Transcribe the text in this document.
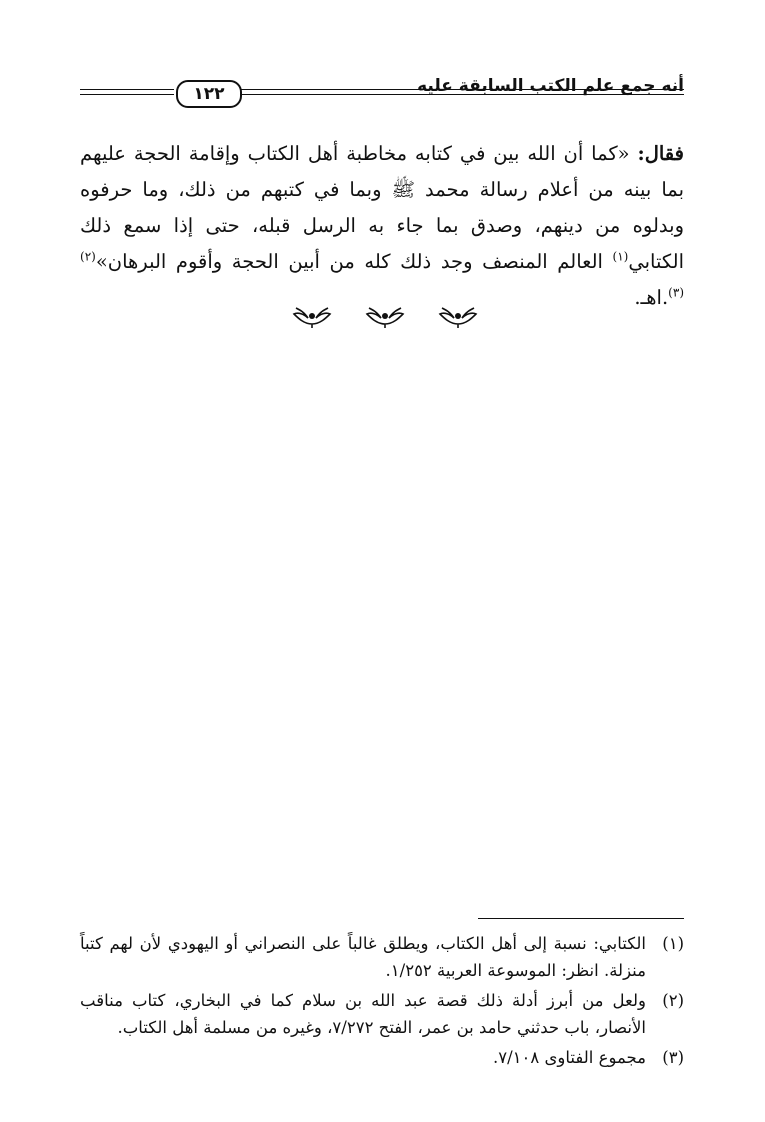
أنه جمع علم الكتب السابقة عليه
١٢٢
فقال: «كما أن الله بين في كتابه مخاطبة أهل الكتاب وإقامة الحجة عليهم بما بينه من أعلام رسالة محمد ﷺ وبما في كتبهم من ذلك، وما حرفوه وبدلوه من دينهم، وصدق بما جاء به الرسل قبله، حتى إذا سمع ذلك الكتابي$^{(١)}$ العالم المنصف وجد ذلك كله من أبين الحجة وأقوم البرهان»$^{(٢)(٣)}$.اهـ.
(١)
الكتابي: نسبة إلى أهل الكتاب، ويطلق غالباً على النصراني أو اليهودي لأن لهم كتباً منزلة. انظر: الموسوعة العربية ١/٢٥٢.
(٢)
ولعل من أبرز أدلة ذلك قصة عبد الله بن سلام كما في البخاري، كتاب مناقب الأنصار، باب حدثني حامد بن عمر، الفتح ٧/٢٧٢، وغيره من مسلمة أهل الكتاب.
(٣)
مجموع الفتاوى ٧/١٠٨.
